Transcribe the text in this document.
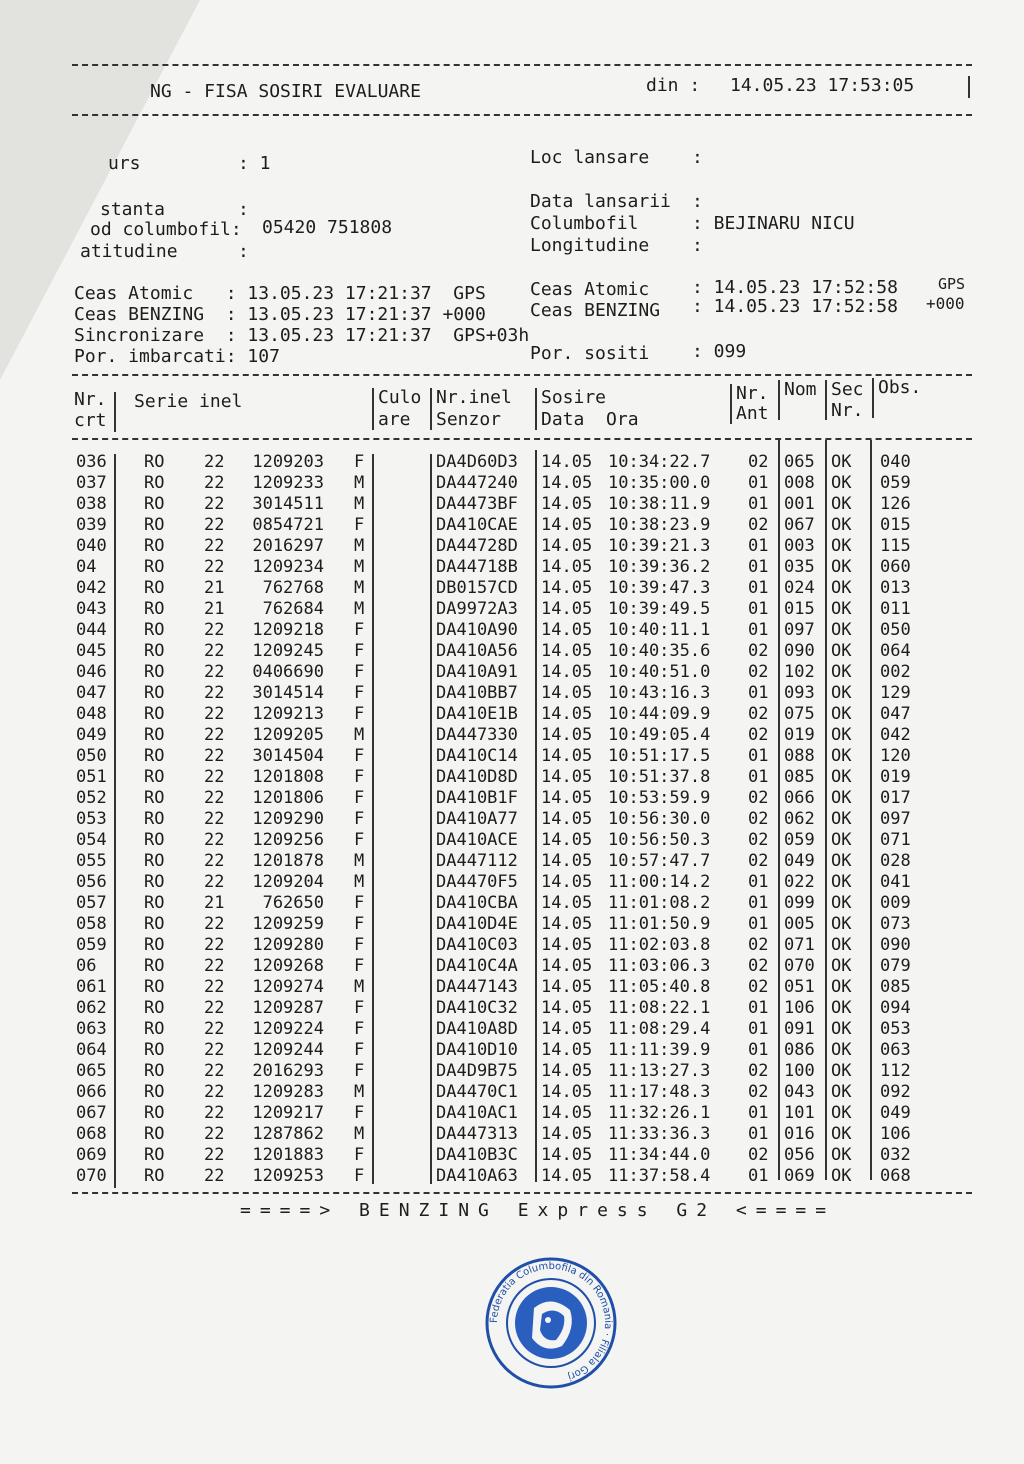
NG - FISA SOSIRI EVALUARE	din : 14.05.23 17:53:05
urs	: 1	Loc lansare :
stanta	:	Data lansarii :
od columbofil: 05420 751808	Columbofil	: BEJINARU NICU
atitudine	:	Longitudine :
Ceas Atomic   : 13.05.23 17:21:37  GPS
Ceas BENZING  : 13.05.23 17:21:37 +000
Sincronizare  : 13.05.23 17:21:37  GPS+03h
Por. imbarcati: 107
Ceas Atomic : 14.05.23 17:52:58	GPS
Ceas BENZING : 14.05.23 17:52:58 +000
Por. sositi : 099
Nr.
crt
Serie inel	Culo
are
Nr.inel
Senzor
Sosire
Data  Ora
Nr.
Ant
Nom Sec
Nr.
Obs.
036	RO	22	1209203 F	DA4D60D3	14.05 10:34:22.7	02 065 OK	040
037	RO	22	1209233 M	DA447240	14.05 10:35:00.0	01 008 OK	059
038	RO	22	3014511 M	DA4473BF	14.05 10:38:11.9	01 001 OK	126
039	RO	22	0854721 F	DA410CAE	14.05 10:38:23.9	02 067 OK	015
040	RO	22	2016297 M	DA44728D	14.05 10:39:21.3	01 003 OK	115
04	RO	22	1209234 M	DA44718B	14.05 10:39:36.2	01 035 OK	060
042	RO	21	762768 M	DB0157CD	14.05 10:39:47.3	01 024 OK	013
043	RO	21	762684 M	DA9972A3	14.05 10:39:49.5	01 015 OK	011
044	RO	22	1209218 F	DA410A90	14.05 10:40:11.1	01 097 OK	050
045	RO	22	1209245 F	DA410A56	14.05 10:40:35.6	02 090 OK	064
046	RO	22	0406690 F	DA410A91	14.05 10:40:51.0	02 102 OK	002
047	RO	22	3014514 F	DA410BB7	14.05 10:43:16.3	01 093 OK	129
048	RO	22	1209213 F	DA410E1B	14.05 10:44:09.9	02 075 OK	047
049	RO	22	1209205 M	DA447330	14.05 10:49:05.4	02 019 OK	042
050	RO	22	3014504 F	DA410C14	14.05 10:51:17.5	01 088 OK	120
051	RO	22	1201808 F	DA410D8D	14.05 10:51:37.8	01 085 OK	019
052	RO	22	1201806 F	DA410B1F	14.05 10:53:59.9	02 066 OK	017
053	RO	22	1209290 F	DA410A77	14.05 10:56:30.0	02 062 OK	097
054	RO	22	1209256 F	DA410ACE	14.05 10:56:50.3	02 059 OK	071
055	RO	22	1201878 M	DA447112	14.05 10:57:47.7	02 049 OK	028
056	RO	22	1209204 M	DA4470F5	14.05 11:00:14.2	01 022 OK	041
057	RO	21	762650 F	DA410CBA	14.05 11:01:08.2	01 099 OK	009
058	RO	22	1209259 F	DA410D4E	14.05 11:01:50.9	01 005 OK	073
059	RO	22	1209280 F	DA410C03	14.05 11:02:03.8	02 071 OK	090
06	RO	22	1209268 F	DA410C4A	14.05 11:03:06.3	02 070 OK	079
061	RO	22	1209274 M	DA447143	14.05 11:05:40.8	02 051 OK	085
062	RO	22	1209287 F	DA410C32	14.05 11:08:22.1	01 106 OK	094
063	RO	22	1209224 F	DA410A8D	14.05 11:08:29.4	01 091 OK	053
064	RO	22	1209244 F	DA410D10	14.05 11:11:39.9	01 086 OK	063
065	RO	22	2016293 F	DA4D9B75	14.05 11:13:27.3	02 100 OK	112
066	RO	22	1209283 M	DA4470C1	14.05 11:17:48.3	02 043 OK	092
067	RO	22	1209217 F	DA410AC1	14.05 11:32:26.1	01 101 OK	049
068	RO	22	1287862 M	DA447313	14.05 11:33:36.3	01 016 OK	106
069	RO	22	1201883 F	DA410B3C	14.05 11:34:44.0	02 056 OK	032
070	RO	22	1209253 F	DA410A63	14.05 11:37:58.4	01 069 OK	068
====> BENZING Express G2 <====
Federatia Columbofila din Romania · Filiala Gorj
